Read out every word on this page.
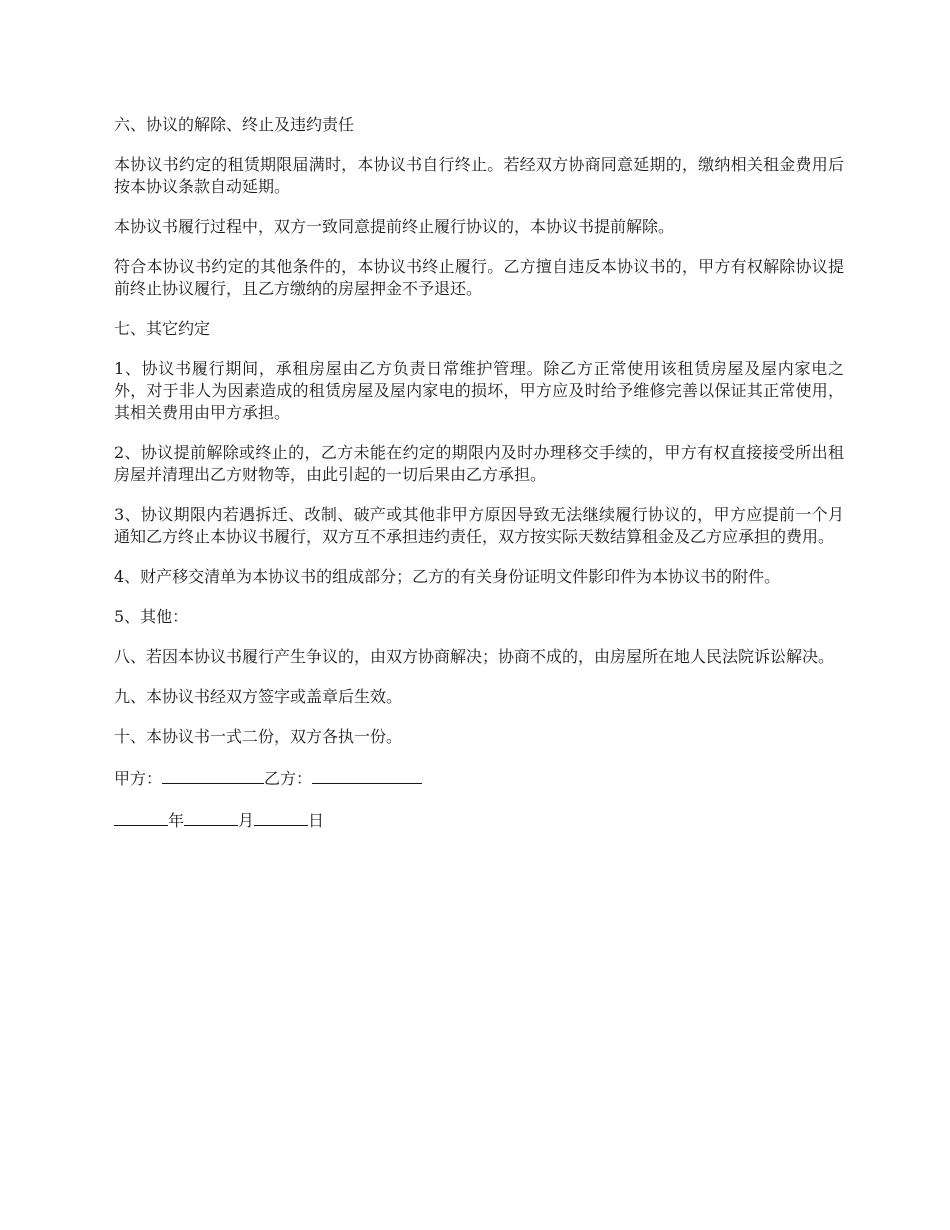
六、协议的解除、终止及违约责任

本协议书约定的租赁期限届满时，本协议书自行终止。若经双方协商同意延期的，缴纳相关租金费用后按本协议条款自动延期。

本协议书履行过程中，双方一致同意提前终止履行协议的，本协议书提前解除。

符合本协议书约定的其他条件的，本协议书终止履行。乙方擅自违反本协议书的，甲方有权解除协议提前终止协议履行，且乙方缴纳的房屋押金不予退还。

七、其它约定

1、协议书履行期间，承租房屋由乙方负责日常维护管理。除乙方正常使用该租赁房屋及屋内家电之外，对于非人为因素造成的租赁房屋及屋内家电的损坏，甲方应及时给予维修完善以保证其正常使用，其相关费用由甲方承担。

2、协议提前解除或终止的，乙方未能在约定的期限内及时办理移交手续的，甲方有权直接接受所出租房屋并清理出乙方财物等，由此引起的一切后果由乙方承担。

3、协议期限内若遇拆迁、改制、破产或其他非甲方原因导致无法继续履行协议的，甲方应提前一个月通知乙方终止本协议书履行，双方互不承担违约责任，双方按实际天数结算租金及乙方应承担的费用。

4、财产移交清单为本协议书的组成部分；乙方的有关身份证明文件影印件为本协议书的附件。

5、其他：

八、若因本协议书履行产生争议的，由双方协商解决；协商不成的，由房屋所在地人民法院诉讼解决。

九、本协议书经双方签字或盖章后生效。

十、本协议书一式二份，双方各执一份。

甲方：	乙方：
年	月	日
